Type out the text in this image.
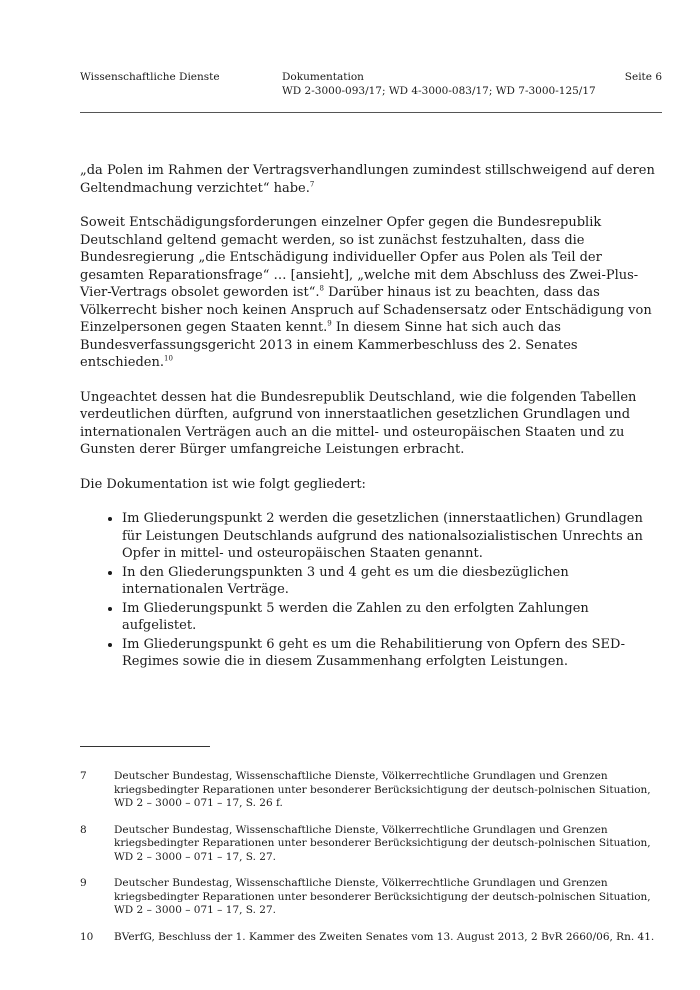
Wissenschaftliche Dienste	Dokumentation
WD 2-3000-093/17; WD 4-3000-083/17; WD 7-3000-125/17
Seite 6

„da Polen im Rahmen der Vertragsverhandlungen zumindest stillschweigend auf deren Geltendmachung verzichtet“ habe.$^7$

Soweit Entschädigungsforderungen einzelner Opfer gegen die Bundesrepublik Deutschland geltend gemacht werden, so ist zunächst festzuhalten, dass die Bundesregierung „die Entschädigung individueller Opfer aus Polen als Teil der gesamten Reparationsfrage“ … [ansieht], „welche mit dem Abschluss des Zwei-Plus-Vier-Vertrags obsolet geworden ist“.$^8$ Darüber hinaus ist zu beachten, dass das Völkerrecht bisher noch keinen Anspruch auf Schadensersatz oder Entschädigung von Einzelpersonen gegen Staaten kennt.$^9$ In diesem Sinne hat sich auch das Bundesverfassungsgericht 2013 in einem Kammerbeschluss des 2. Senates entschieden.$^{10}$

Ungeachtet dessen hat die Bundesrepublik Deutschland, wie die folgenden Tabellen verdeutlichen dürften, aufgrund von innerstaatlichen gesetzlichen Grundlagen und internationalen Verträgen auch an die mittel- und osteuropäischen Staaten und zu Gunsten derer Bürger umfangreiche Leistungen erbracht.

Die Dokumentation ist wie folgt gegliedert:

• Im Gliederungspunkt 2 werden die gesetzlichen (innerstaatlichen) Grundlagen für Leistungen Deutschlands aufgrund des nationalsozialistischen Unrechts an Opfer in mittel- und osteuropäischen Staaten genannt.
• In den Gliederungspunkten 3 und 4 geht es um die diesbezüglichen internationalen Verträge.
• Im Gliederungspunkt 5 werden die Zahlen zu den erfolgten Zahlungen aufgelistet.
• Im Gliederungspunkt 6 geht es um die Rehabilitierung von Opfern des SED-Regimes sowie die in diesem Zusammenhang erfolgten Leistungen.
7	Deutscher Bundestag, Wissenschaftliche Dienste, Völkerrechtliche Grundlagen und Grenzen kriegsbedingter Reparationen unter besonderer Berücksichtigung der deutsch-polnischen Situation, WD 2 – 3000 – 071 – 17, S. 26 f.
8	Deutscher Bundestag, Wissenschaftliche Dienste, Völkerrechtliche Grundlagen und Grenzen kriegsbedingter Reparationen unter besonderer Berücksichtigung der deutsch-polnischen Situation, WD 2 – 3000 – 071 – 17, S. 27.
9	Deutscher Bundestag, Wissenschaftliche Dienste, Völkerrechtliche Grundlagen und Grenzen kriegsbedingter Reparationen unter besonderer Berücksichtigung der deutsch-polnischen Situation, WD 2 – 3000 – 071 – 17, S. 27.
10	BVerfG, Beschluss der 1. Kammer des Zweiten Senates vom 13. August 2013, 2 BvR 2660/06, Rn. 41.
